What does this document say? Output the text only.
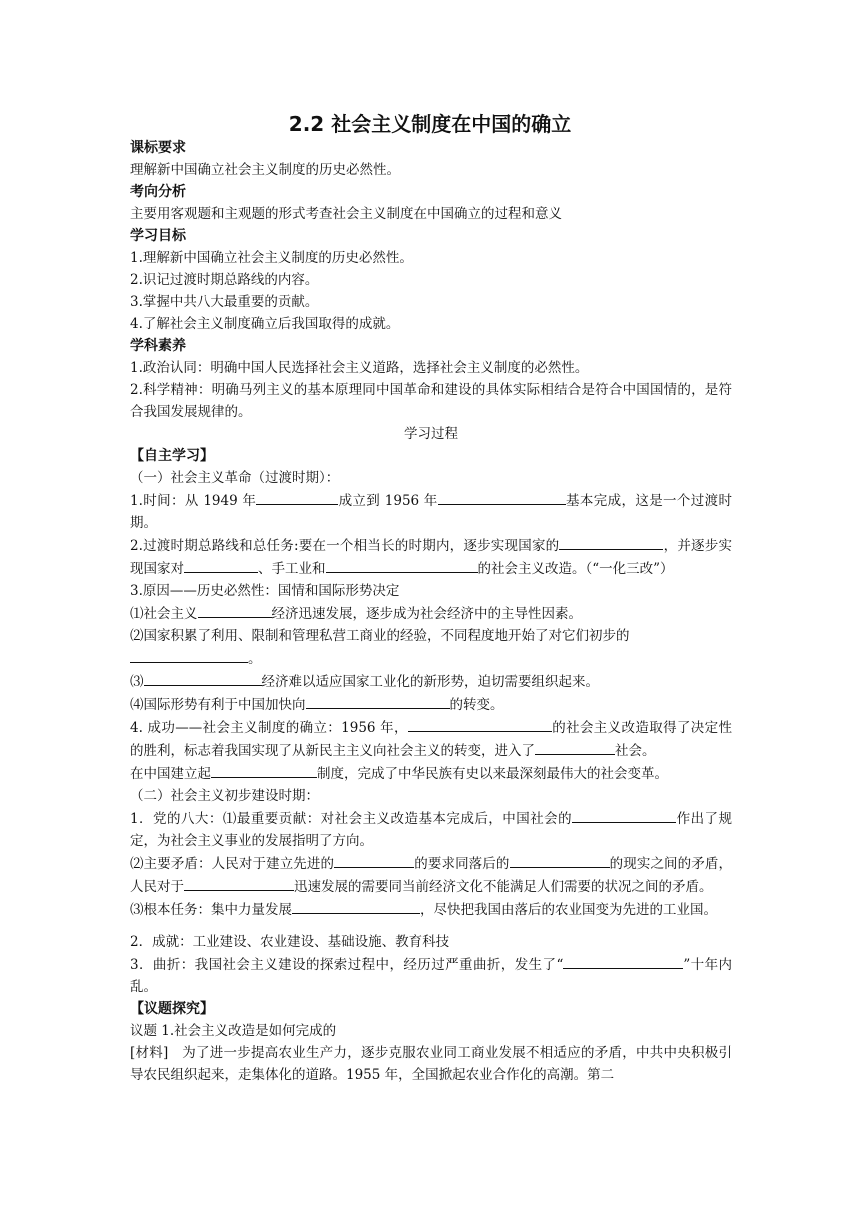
2.2 社会主义制度在中国的确立

课标要求

理解新中国确立社会主义制度的历史必然性。

考向分析

主要用客观题和主观题的形式考查社会主义制度在中国确立的过程和意义

学习目标

1.理解新中国确立社会主义制度的历史必然性。

2.识记过渡时期总路线的内容。

3.掌握中共八大最重要的贡献。

4.了解社会主义制度确立后我国取得的成就。

学科素养

1.政治认同：明确中国人民选择社会主义道路，选择社会主义制度的必然性。

2.科学精神：明确马列主义的基本原理同中国革命和建设的具体实际相结合是符合中国国情的，是符合我国发展规律的。

学习过程

【自主学习】

（一）社会主义革命（过渡时期）：

1.时间：从 1949 年	成立到 1956 年	基本完成，这是一个过渡时期。

2.过渡时期总路线和总任务:要在一个相当长的时期内，逐步实现国家的	，并逐步实现国家对	、手工业和	的社会主义改造。（“一化三改”）

3.原因——历史必然性：国情和国际形势决定

⑴社会主义	经济迅速发展，逐步成为社会经济中的主导性因素。

⑵国家积累了利用、限制和管理私营工商业的经验，不同程度地开始了对它们初步的。

⑶	经济难以适应国家工业化的新形势，迫切需要组织起来。

⑷国际形势有利于中国加快向	的转变。

4. 成功——社会主义制度的确立：1956 年，	的社会主义改造取得了决定性的胜利，标志着我国实现了从新民主主义向社会主义的转变，进入了	社会。

在中国建立起	制度，完成了中华民族有史以来最深刻最伟大的社会变革。

（二）社会主义初步建设时期：

1．党的八大：⑴最重要贡献：对社会主义改造基本完成后，中国社会的	作出了规定，为社会主义事业的发展指明了方向。

⑵主要矛盾：人民对于建立先进的	的要求同落后的	的现实之间的矛盾，人民对于	迅速发展的需要同当前经济文化不能满足人们需要的状况之间的矛盾。

⑶根本任务：集中力量发展	，尽快把我国由落后的农业国变为先进的工业国。

2．成就：工业建设、农业建设、基础设施、教育科技

3．曲折：我国社会主义建设的探索过程中，经历过严重曲折，发生了“	”十年内乱。

【议题探究】

议题 1.社会主义改造是如何完成的

[材料]　为了进一步提高农业生产力，逐步克服农业同工商业发展不相适应的矛盾，中共中央积极引导农民组织起来，走集体化的道路。1955 年，全国掀起农业合作化的高潮。第二
